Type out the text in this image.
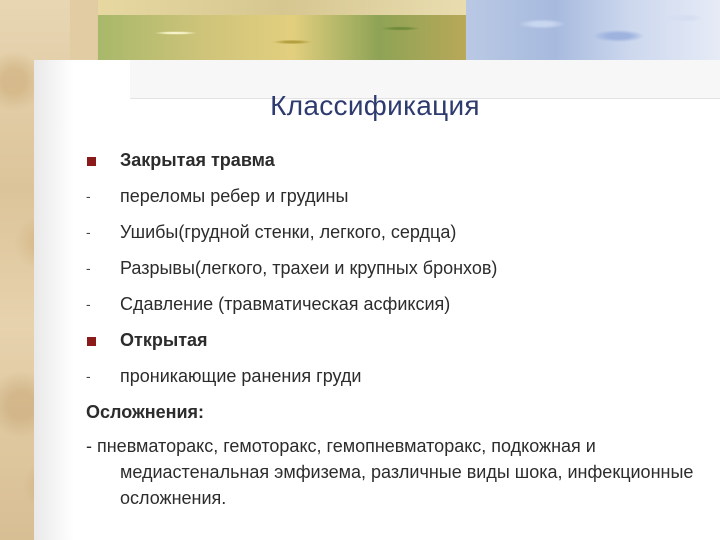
Классификация
Закрытая травма
-	переломы ребер и грудины
-	Ушибы(грудной стенки, легкого, сердца)
-	Разрывы(легкого, трахеи и крупных бронхов)
-	Сдавление (травматическая асфиксия)
Открытая
-	проникающие ранения груди
Осложнения:
- пневматоракс, гемоторакс, гемопневматоракс, подкожная и медиастенальная эмфизема, различные виды шока, инфекционные осложнения.
